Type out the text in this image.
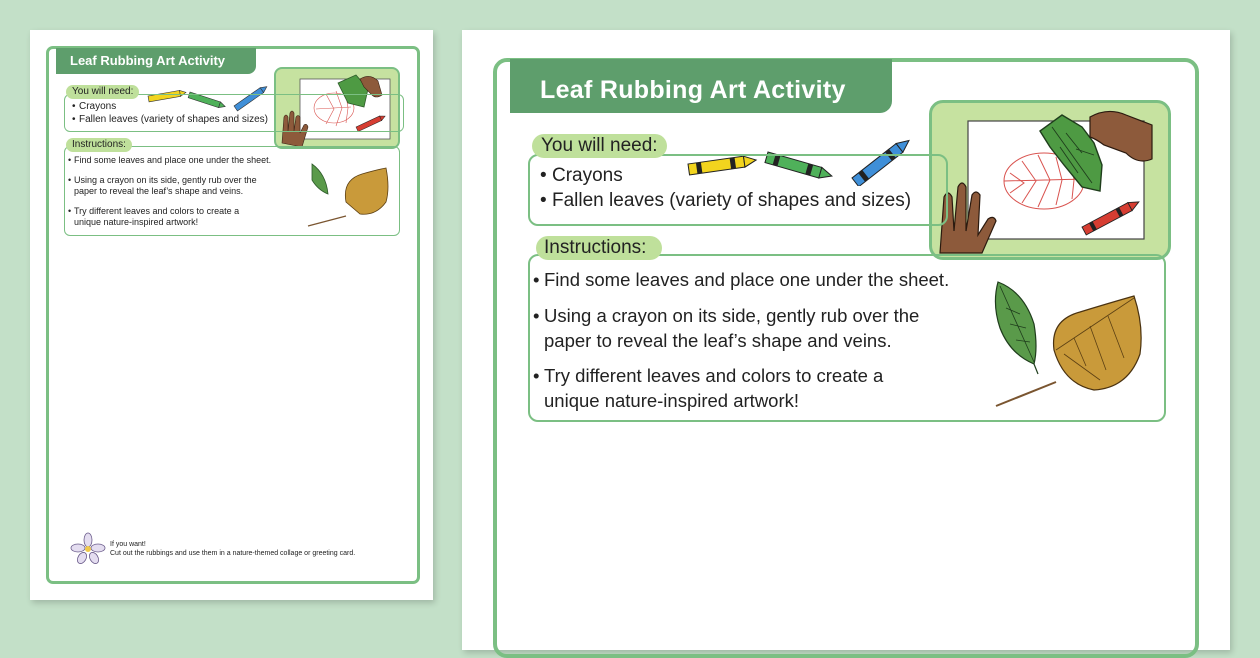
Leaf Rubbing Art Activity
You will need:
• Crayons
• Fallen leaves (variety of shapes and sizes)
Instructions:
• Find some leaves and place one under the sheet.
• Using a crayon on its side, gently rub over the
paper to reveal the leaf’s shape and veins.
• Try different leaves and colors to create a
unique nature-inspired artwork!
If you want!
Cut out the rubbings and use them in a nature-themed collage or greeting card.
Leaf Rubbing Art Activity
You will need:
• Crayons
• Fallen leaves (variety of shapes and sizes)
Instructions:
• Find some leaves and place one under the sheet.
• Using a crayon on its side, gently rub over the
paper to reveal the leaf’s shape and veins.
• Try different leaves and colors to create a
unique nature-inspired artwork!
